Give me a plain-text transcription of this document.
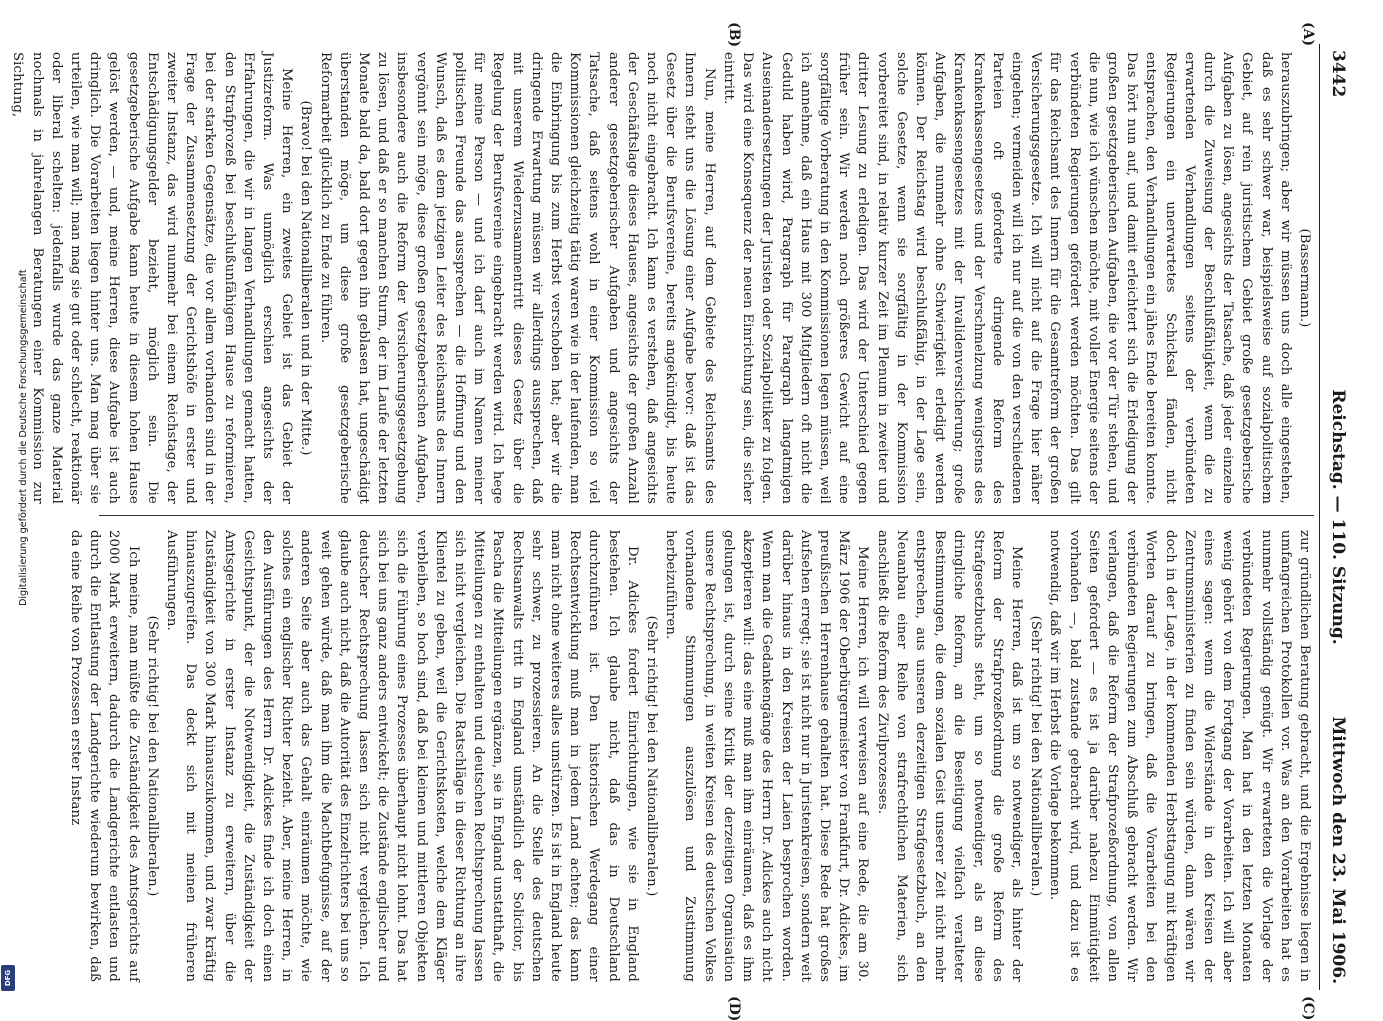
Digitalisierung gefördert durch die Deutsche Forschungsgemeinschaft
DFG
3442
Reichstag. — 110. Sitzung.
Mittwoch den 23. Mai 1906.
(A)
(B)
(C)
(D)

(Bassermann.)

herauszubringen; aber wir müssen uns doch alle eingestehen, daß es sehr schwer war, beispielsweise auf sozialpolitischem Gebiet, auf rein juristischem Gebiet große gesetzgeberische Aufgaben zu lösen, angesichts der Tatsache, daß jeder einzelne durch die Zuweisung der Beschlußfähigkeit, wenn die zu erwartenden Verhandlungen seitens der verbündeten Regierungen ein unerwartetes Schicksal fänden, nicht entsprachen, den Verhandlungen ein jähes Ende bereiten konnte. Das hört nun auf, und damit erleichtert sich die Erledigung der großen gesetzgeberischen Aufgaben, die vor der Tür stehen, und die nun, wie ich wünschen möchte, mit voller Energie seitens der verbündeten Regierungen gefördert werden möchten. Das gilt für das Reichsamt des Innern für die Gesamtreform der großen Versicherungsgesetze. Ich will nicht auf die Frage hier näher eingehen; vermeiden will ich nur auf die von den verschiedenen Parteien oft geforderte dringende Reform des Krankenkassengesetzes und der Verschmelzung wenigstens des Krankenkassengesetzes mit der Invalidenversicherung; große Aufgaben, die nunmehr ohne Schwierigkeit erledigt werden können. Der Reichstag wird beschlußfähig, in der Lage sein, solche Gesetze, wenn sie sorgfältig in der Kommission vorbereitet sind, in relativ kurzer Zeit im Plenum in zweiter und dritter Lesung zu erledigen. Das wird der Unterschied gegen früher sein. Wir werden noch größeres Gewicht auf eine sorgfältige Vorberatung in den Kommissionen legen müssen, weil ich annehme, daß ein Haus mit 300 Mitgliedern oft nicht die Geduld haben wird, Paragraph für Paragraph langatmigen Auseinandersetzungen der Juristen oder Sozialpolitiker zu folgen. Das wird eine Konsequenz der neuen Einrichtung sein, die sicher eintritt.

Nun, meine Herren, auf dem Gebiete des Reichsamts des Innern steht uns die Lösung einer Aufgabe bevor: daß ist das Gesetz über die Berufsvereine, bereits angekündigt, bis heute noch nicht eingebracht. Ich kann es verstehen, daß angesichts der Geschäftslage dieses Hauses, angesichts der großen Anzahl anderer gesetzgeberischer Aufgaben und angesichts der Tatsache, daß seitens wohl in einer Kommission so viel Kommissionen gleichzeitig tätig waren wie in der laufenden, man die Einbringung bis zum Herbst verschoben hat; aber wir die dringende Erwartung müssen wir allerdings aussprechen, daß mit unserem Wiederzusammentritt dieses Gesetz über die Regelung der Berufsvereine eingebracht werden wird. Ich hege für meine Person — und ich darf auch im Namen meiner politischen Freunde das aussprechen — die Hoffnung und den Wunsch, daß es dem jetzigen Leiter des Reichsamts des Innern vergönnt sein möge, diese großen gesetzgeberischen Aufgaben, insbesondere auch die Reform der Versicherungsgesetzgebung zu lösen, und daß er so manchen Sturm, der im Laufe der letzten Monate bald da, bald dort gegen ihn geblasen hat, ungeschädigt überstanden möge, um diese große gesetzgeberische Reformarbeit glücklich zu Ende zu führen.

(Bravo! bei den Nationalliberalen und in der Mitte.)

Meine Herren, ein zweites Gebiet ist das Gebiet der Justizreform. Was unmöglich erschien angesichts der Erfahrungen, die wir in langen Verhandlungen gemacht hatten, den Strafprozeß bei beschlußunfähigem Hause zu reformieren, bei der starken Gegensätze, die vor allem vorhanden sind in der Frage der Zusammensetzung der Gerichtshöfe in erster und zweiter Instanz, das wird nunmehr bei einem Reichstage, der Entschädigungsgelder bezieht, möglich sein. Die gesetzgeberische Aufgabe kann heute in diesem hohen Hause gelöst werden, — und, meine Herren, diese Aufgabe ist auch dringlich. Die Vorarbeiten liegen hinter uns. Man mag über sie urteilen, wie man will; man mag sie gut oder schlecht, reaktionär oder liberal schelten: jedenfalls wurde das ganze Material nochmals in jahrelangen Beratungen einer Kommission zur Sichtung,

zur gründlichen Beratung gebracht, und die Ergebnisse liegen in umfangreichen Protokollen vor. Was an den Vorarbeiten hat es nunmehr vollständig genügt. Wir erwarteten die Vorlage der verbündeten Regierungen. Man hat in den letzten Monaten wenig gehört von dem Fortgang der Vorarbeiten. Ich will aber eines sagen: wenn die Widerstände in den Kreisen der Zentrumsministerien zu finden sein würden, dann wären wir doch in der Lage, in der kommenden Herbsttagung mit kräftigen Worten darauf zu bringen, daß die Vorarbeiten bei den verbündeten Regierungen zum Abschluß gebracht werden. Wir verlangen, daß die Reform der Strafprozeßordnung, von allen Seiten gefordert — es ist ja darüber nahezu Einmütigkeit vorhanden —, bald zustande gebracht wird, und dazu ist es notwendig, daß wir im Herbst die Vorlage bekommen.

(Sehr richtig! bei den Nationalliberalen.)

Meine Herren, daß ist um so notwendiger, als hinter der Reform der Strafprozeßordnung die große Reform des Strafgesetzbuchs steht, um so notwendiger, als an diese dringliche Reform, an die Beseitigung vielfach veralteter Bestimmungen, die dem sozialen Geist unserer Zeit nicht mehr entsprechen, aus unseren derzeitigen Strafgesetzbuch, an den Neuanbau einer Reihe von strafrechtlichen Materien, sich anschließt die Reform des Zivilprozesses.

Meine Herren, ich will verweisen auf eine Rede, die am 30. März 1906 der Oberbürgermeister von Frankfurt, Dr. Adickes, im preußischen Herrenhause gehalten hat. Diese Rede hat großes Aufsehen erregt; sie ist nicht nur in Juristenkreisen, sondern weit darüber hinaus in den Kreisen der Laien besprochen worden. Wenn man die Gedankengänge des Herrn Dr. Adickes auch nicht akzeptieren will: das eine muß man ihm einräumen, daß es ihm gelungen ist, durch seine Kritik der derzeitigen Organisation unsere Rechtsprechung, in weiten Kreisen des deutschen Volkes vorhandene Stimmungen auszulösen und Zustimmung herbeizuführen.

(Sehr richtig! bei den Nationalliberalen.)

Dr. Adickes fordert Einrichtungen, wie sie in England bestehen. Ich glaube nicht, daß das in Deutschland durchzuführen ist. Den historischen Werdegang einer Rechtsentwicklung muß man in jedem Land achten; das kann man nicht ohne weiteres alles umstürzen. Es ist in England heute sehr schwer, zu prozessieren. An die Stelle des deutschen Rechtsanwalts tritt in England umständlich der Solicitor, bis Pascha die Mitteilungen ergänzen, sie in England unstatthaft, die Mitteilungen zu enthalten und deutschen Rechtsprechung lassen sich nicht vergleichen. Die Ratschläge in dieser Richtung an ihre Klientel zu geben, weil die Gerichtskosten, welche dem Kläger verbleiben, so hoch sind, daß bei kleinen und mittleren Objekten sich die Führung eines Prozesses überhaupt nicht lohnt. Das hat sich bei uns ganz anders entwickelt; die Zustände englischer und deutscher Rechtsprechung lassen sich nicht vergleichen. Ich glaube auch nicht, daß die Autorität des Einzelrichters bei uns so weit gehen würde, daß man ihm die Machtbefugnisse, auf der anderen Seite aber auch das Gehalt einräumen möchte, wie solches ein englischer Richter bezieht. Aber, meine Herren, in den Ausführungen des Herrn Dr. Adickes finde ich doch einen Gesichtspunkt, der die Notwendigkeit, die Zuständigkeit der Amtsgerichte in erster Instanz zu erweitern, über die Zuständigkeit von 300 Mark hinauszukommen, und zwar kräftig hinauszugreifen. Das deckt sich mit meinen früheren Ausführungen.

(Sehr richtig! bei den Nationalliberalen.)

Ich meine, man müßte die Zuständigkeit des Amtsgerichts auf 2000 Mark erweitern, dadurch die Landgerichte entlasten und durch die Entlastung der Landgerichte wiederum bewirken, daß da eine Reihe von Prozessen erster Instanz
